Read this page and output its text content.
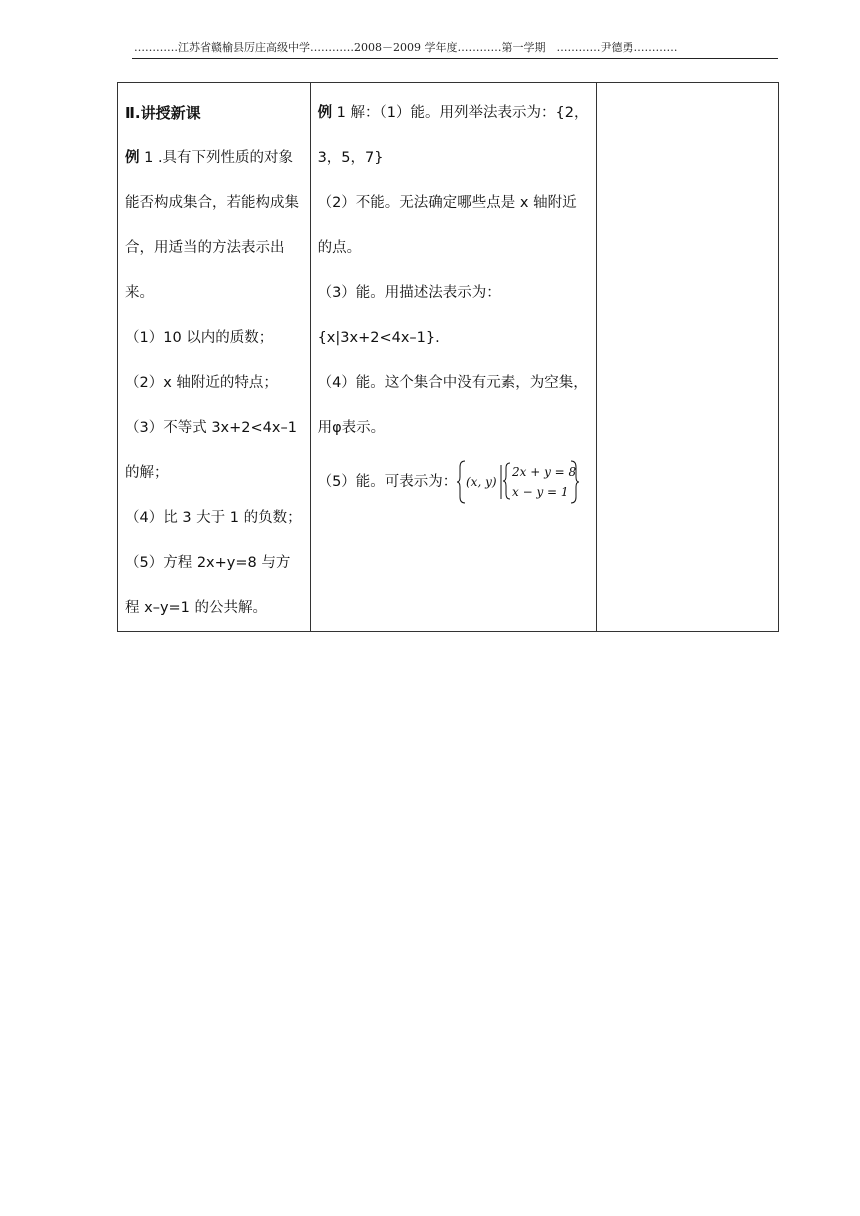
…………江苏省赣榆县厉庄高级中学…………2008－2009 学年度…………第一学期　…………尹德勇…………

Ⅱ.讲授新课

例 1 .具有下列性质的对象能否构成集合，若能构成集合，用适当的方法表示出来。

（1）10 以内的质数；

（2）x 轴附近的特点；

（3）不等式 3x+2<4x–1 的解；

（4）比 3 大于 1 的负数；

（5）方程 2x+y=8 与方程 x–y=1 的公共解。

例 1 解：（1）能。用列举法表示为：{2，3，5，7}

（2）不能。无法确定哪些点是 x 轴附近的点。

（3）能。用描述法表示为：{x|3x+2<4x–1}.

（4）能。这个集合中没有元素，为空集，用φ表示。

（5）能。可表示为： (x, y)
2x + y = 8
x − y = 1
